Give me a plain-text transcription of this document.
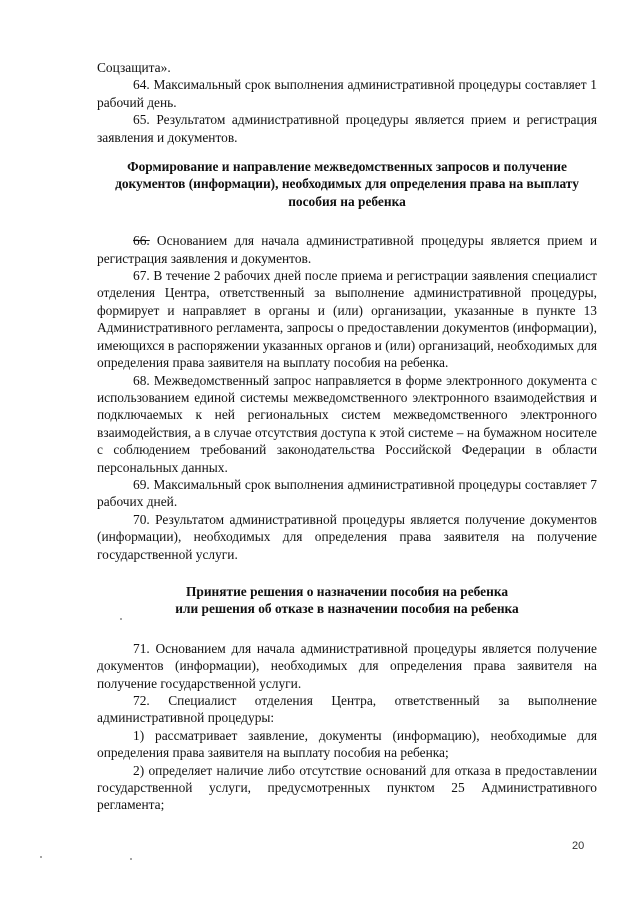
Соцзащита».

64. Максимальный срок выполнения административной процедуры составляет 1 рабочий день.

65. Результатом административной процедуры является прием и регистрация заявления и документов.

Формирование и направление межведомственных запросов и получение документов (информации), необходимых для определения права на выплату пособия на ребенка

66. Основанием для начала административной процедуры является прием и регистрация заявления и документов.

67. В течение 2 рабочих дней после приема и регистрации заявления специалист отделения Центра, ответственный за выполнение административной процедуры, формирует и направляет в органы и (или) организации, указанные в пункте 13 Административного регламента, запросы о предоставлении документов (информации), имеющихся в распоряжении указанных органов и (или) организаций, необходимых для определения права заявителя на выплату пособия на ребенка.

68. Межведомственный запрос направляется в форме электронного документа с использованием единой системы межведомственного электронного взаимодействия и подключаемых к ней региональных систем межведомственного электронного взаимодействия, а в случае отсутствия доступа к этой системе – на бумажном носителе с соблюдением требований законодательства Российской Федерации в области персональных данных.

69. Максимальный срок выполнения административной процедуры составляет 7 рабочих дней.

70. Результатом административной процедуры является получение документов (информации), необходимых для определения права заявителя на получение государственной услуги.

Принятие решения о назначении пособия на ребенка
или решения об отказе в назначении пособия на ребенка

71. Основанием для начала административной процедуры является получение документов (информации), необходимых для определения права заявителя на получение государственной услуги.

72. Специалист отделения Центра, ответственный за выполнение административной процедуры:

1) рассматривает заявление, документы (информацию), необходимые для определения права заявителя на выплату пособия на ребенка;

2) определяет наличие либо отсутствие оснований для отказа в предоставлении государственной услуги, предусмотренных пунктом 25 Административного регламента;

20
